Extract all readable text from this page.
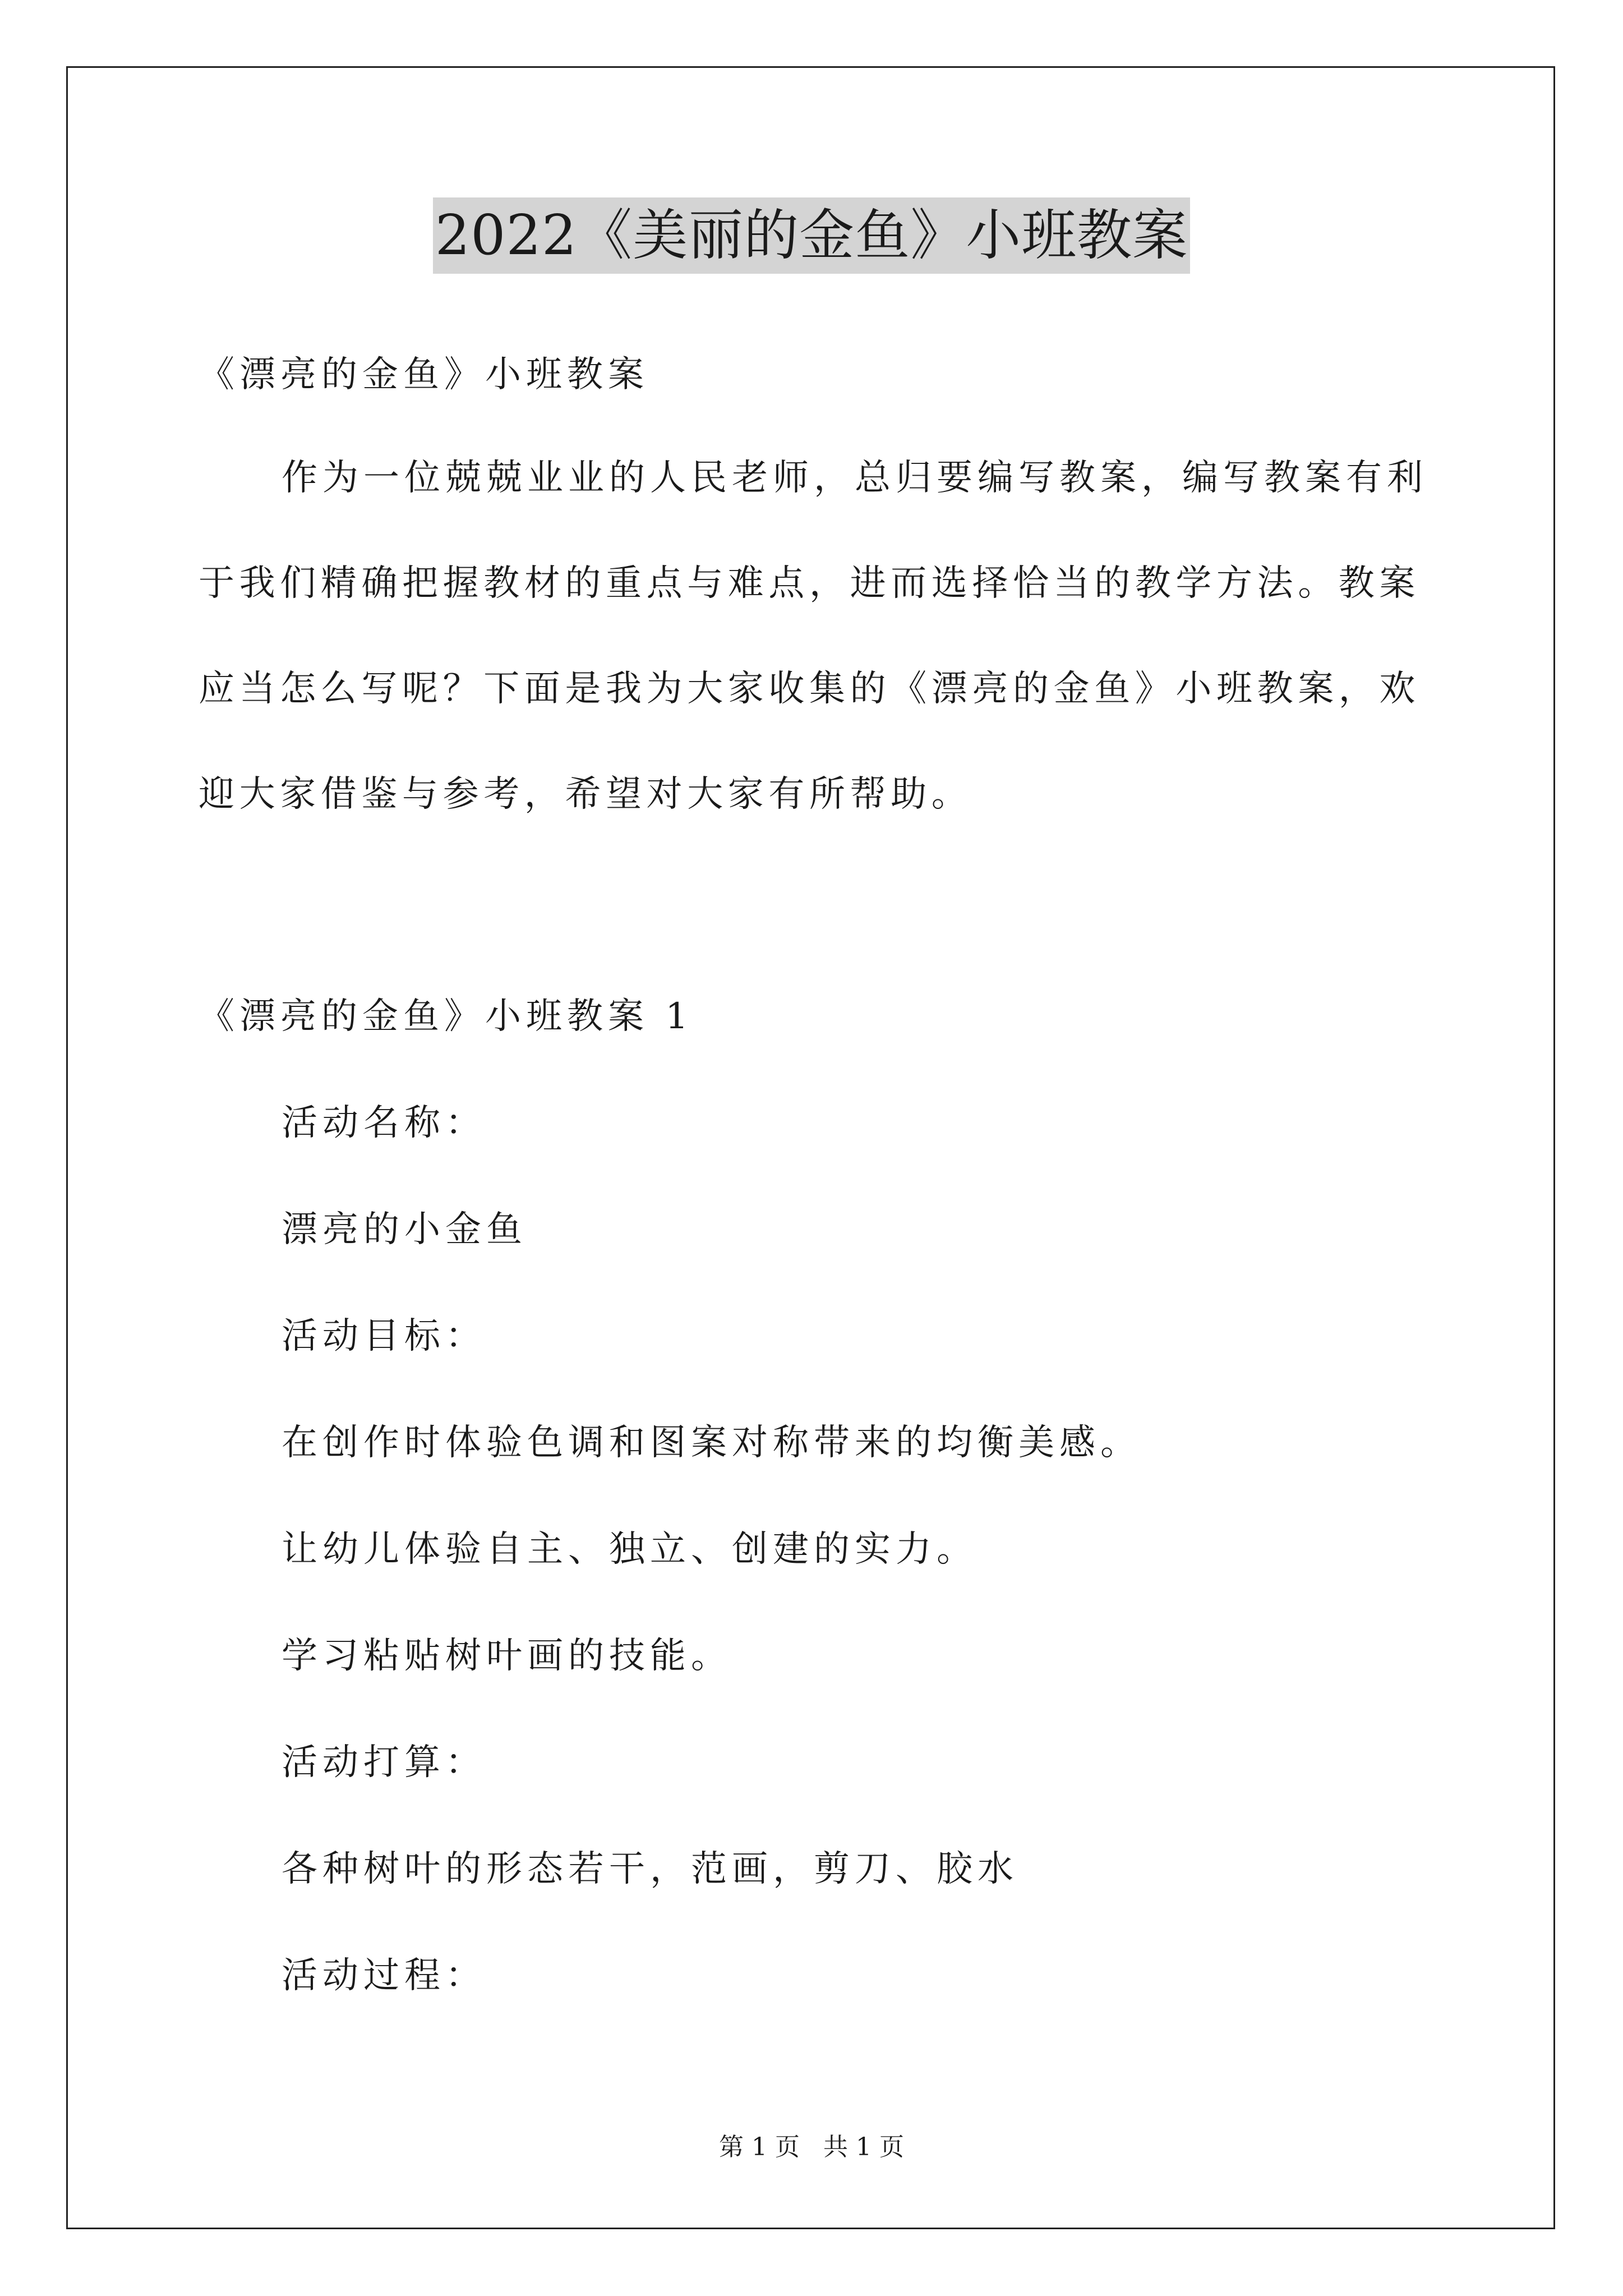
2022《美丽的金鱼》小班教案
《漂亮的金鱼》小班教案
作为一位兢兢业业的人民老师，总归要编写教案，编写教案有利
于我们精确把握教材的重点与难点，进而选择恰当的教学方法。教案
应当怎么写呢？下面是我为大家收集的《漂亮的金鱼》小班教案，欢
迎大家借鉴与参考，希望对大家有所帮助。
《漂亮的金鱼》小班教案 1
活动名称：
漂亮的小金鱼
活动目标：
在创作时体验色调和图案对称带来的均衡美感。
让幼儿体验自主、独立、创建的实力。
学习粘贴树叶画的技能。
活动打算：
各种树叶的形态若干，范画，剪刀、胶水
活动过程：
第 1 页   共 1 页
